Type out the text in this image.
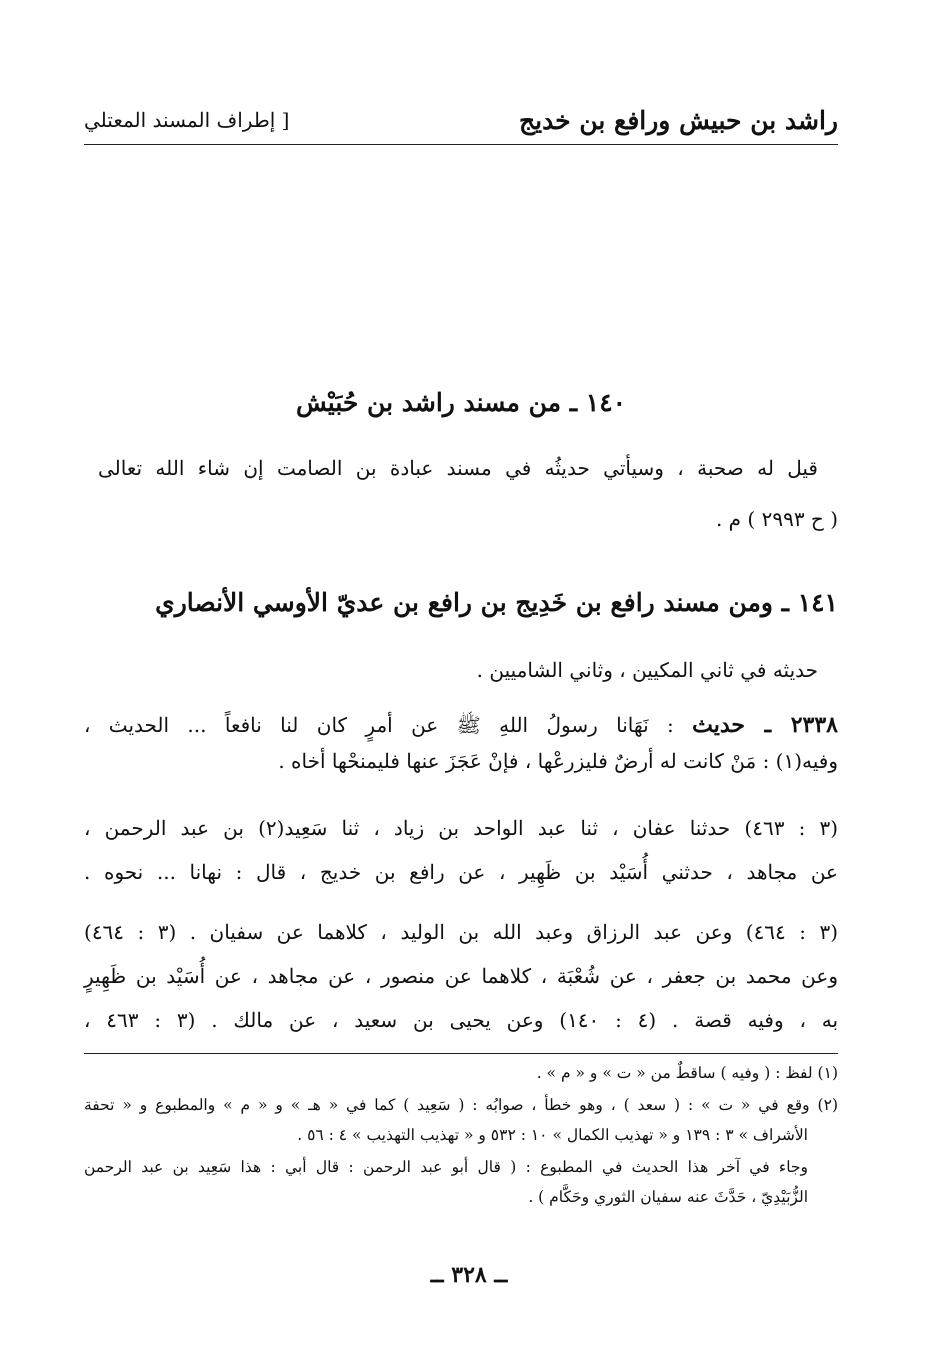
راشد بن حبيش ورافع بن خديج
[ إطراف المسند المعتلي
١٤٠ ـ من مسند راشد بن حُبَيْش
قيل له صحبة ، وسيأتي حديثُه في مسند عبادة بن الصامت إن شاء الله تعالى
( ح ٢٩٩٣ ) م .
١٤١ ـ ومن مسند رافع بن خَدِيج بن رافع بن عديّ الأوسي الأنصاري
حديثه في ثاني المكيين ، وثاني الشاميين .
٢٣٣٨ ـ حديث : نَهَانا رسولُ اللهِ ﷺ عن أمرٍ كان لنا نافعاً ... الحديث ،
وفيه(١) : مَنْ كانت له أرضٌ فليزرعْها ، فإنْ عَجَزَ عنها فليمنحْها أخاه .
(٣ : ٤٦٣) حدثنا عفان ، ثنا عبد الواحد بن زياد ، ثنا سَعِيد(٢) بن عبد الرحمن ،
عن مجاهد ، حدثني أُسَيْد بن ظَهِير ، عن رافع بن خديج ، قال : نهانا ... نحوه .
(٣ : ٤٦٤) وعن عبد الرزاق وعبد الله بن الوليد ، كلاهما عن سفيان . (٣ : ٤٦٤)
وعن محمد بن جعفر ، عن شُعْبَة ، كلاهما عن منصور ، عن مجاهد ، عن أُسَيْد بن ظَهِيرٍ
به ، وفيه قصة . (٤ : ١٤٠) وعن يحيى بن سعيد ، عن مالك . (٣ : ٤٦٣ ،
(١) لفظ : ( وفيه ) ساقطٌ من « ت » و « م » .
(٢) وقع في « ت » : ( سعد ) ، وهو خطأ ، صوابُه : ( سَعِيد ) كما في « هـ » و « م » والمطبوع و « تحفة
الأشراف » ٣ : ١٣٩ و « تهذيب الكمال » ١٠ : ٥٣٢ و « تهذيب التهذيب » ٤ : ٥٦ .
وجاء في آخر هذا الحديث في المطبوع : ( قال أبو عبد الرحمن : قال أبي : هذا سَعِيد بن عبد الرحمن
الزُّبَيْدِيّ ، حَدَّثَ عنه سفيان الثوري وحَكَّام ) .
ــ ٣٢٨ ــ
